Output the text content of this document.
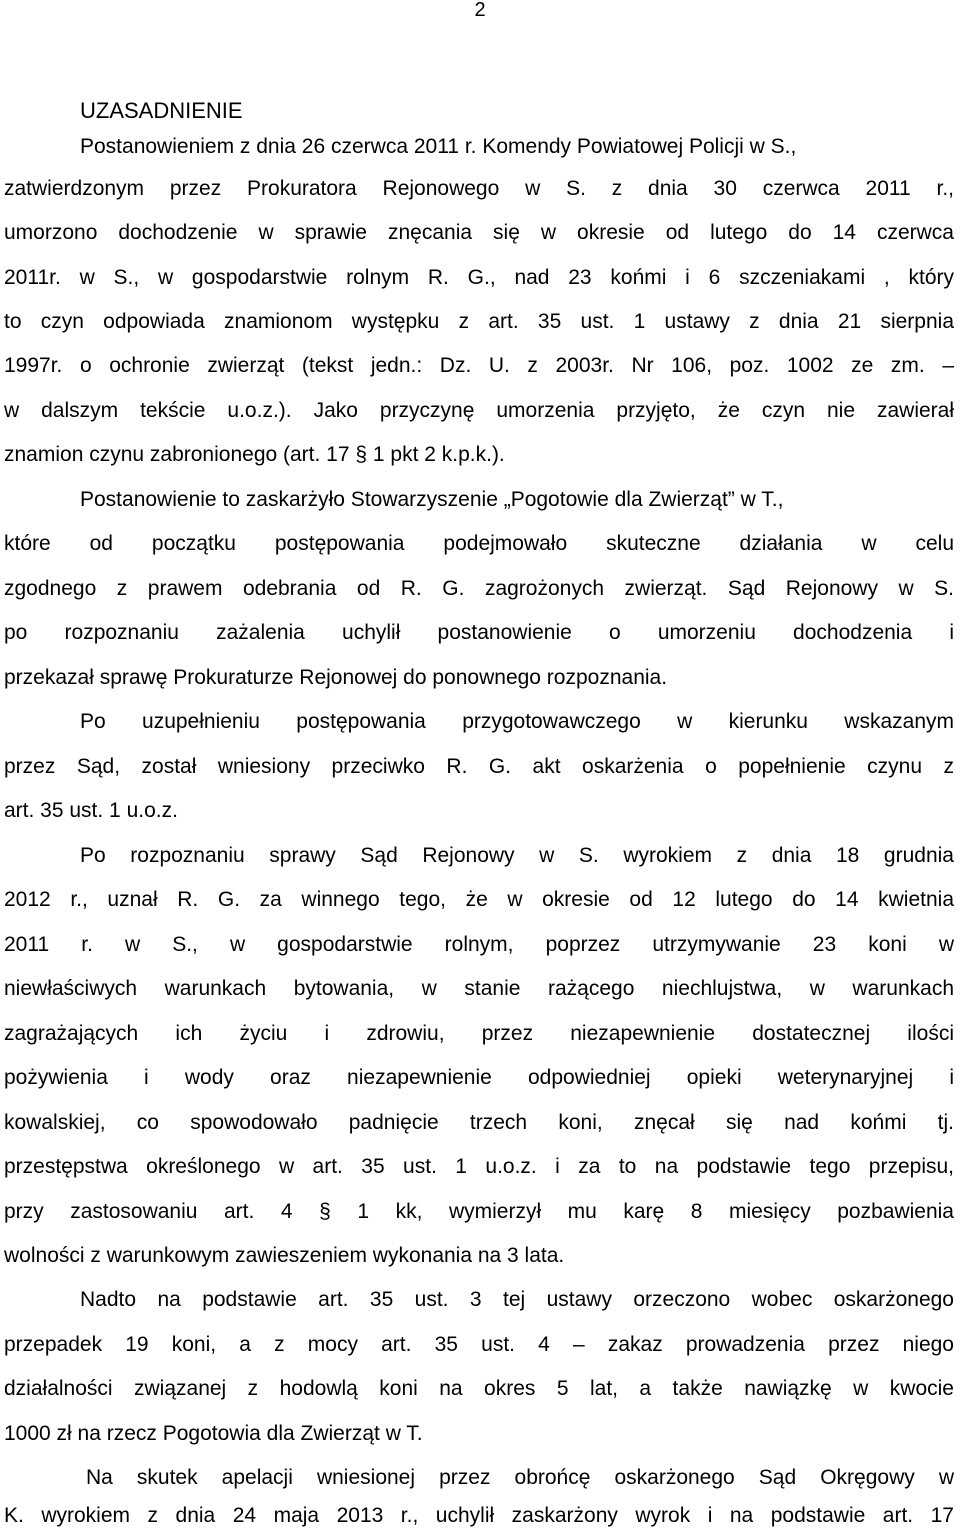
2
UZASADNIENIE
Postanowieniem z dnia 26 czerwca 2011 r. Komendy Powiatowej Policji w S.,
zatwierdzonym przez Prokuratora Rejonowego w S. z dnia 30 czerwca 2011 r.,
umorzono dochodzenie w sprawie znęcania się w okresie od lutego do 14 czerwca
2011r. w S., w gospodarstwie rolnym R. G., nad 23 końmi i 6 szczeniakami , który
to czyn odpowiada znamionom występku z art. 35 ust. 1 ustawy z dnia 21 sierpnia
1997r. o ochronie zwierząt (tekst jedn.: Dz. U. z 2003r. Nr 106, poz. 1002 ze zm. –
w dalszym tekście u.o.z.). Jako przyczynę umorzenia przyjęto, że czyn nie zawierał
znamion czynu zabronionego (art. 17 § 1 pkt 2 k.p.k.).
Postanowienie to zaskarżyło Stowarzyszenie „Pogotowie dla Zwierząt” w T.,
które od początku postępowania podejmowało skuteczne działania w celu
zgodnego z prawem odebrania od R. G. zagrożonych zwierząt. Sąd Rejonowy w S.
po rozpoznaniu zażalenia uchylił postanowienie o umorzeniu dochodzenia i
przekazał sprawę Prokuraturze Rejonowej do ponownego rozpoznania.
Po uzupełnieniu postępowania przygotowawczego w kierunku wskazanym
przez Sąd, został wniesiony przeciwko R. G. akt oskarżenia o popełnienie czynu z
art. 35 ust. 1 u.o.z.
Po rozpoznaniu sprawy Sąd Rejonowy w S. wyrokiem z dnia 18 grudnia
2012 r., uznał R. G. za winnego tego, że w okresie od 12 lutego do 14 kwietnia
2011 r. w S., w gospodarstwie rolnym, poprzez utrzymywanie 23 koni w
niewłaściwych warunkach bytowania, w stanie rażącego niechlujstwa, w warunkach
zagrażających ich życiu i zdrowiu, przez niezapewnienie dostatecznej ilości
pożywienia i wody oraz niezapewnienie odpowiedniej opieki weterynaryjnej i
kowalskiej, co spowodowało padnięcie trzech koni, znęcał się nad końmi tj.
przestępstwa określonego w art. 35 ust. 1 u.o.z. i za to na podstawie tego przepisu,
przy zastosowaniu art. 4 § 1 kk, wymierzył mu karę 8 miesięcy pozbawienia
wolności z warunkowym zawieszeniem wykonania na 3 lata.
Nadto na podstawie art. 35 ust. 3 tej ustawy orzeczono wobec oskarżonego
przepadek 19 koni, a z mocy art. 35 ust. 4 – zakaz prowadzenia przez niego
działalności związanej z hodowlą koni na okres 5 lat, a także nawiązkę w kwocie
1000 zł na rzecz Pogotowia dla Zwierząt w T.
Na skutek apelacji wniesionej przez obrońcę oskarżonego Sąd Okręgowy w
K. wyrokiem z dnia 24 maja 2013 r., uchylił zaskarżony wyrok i na podstawie art. 17
